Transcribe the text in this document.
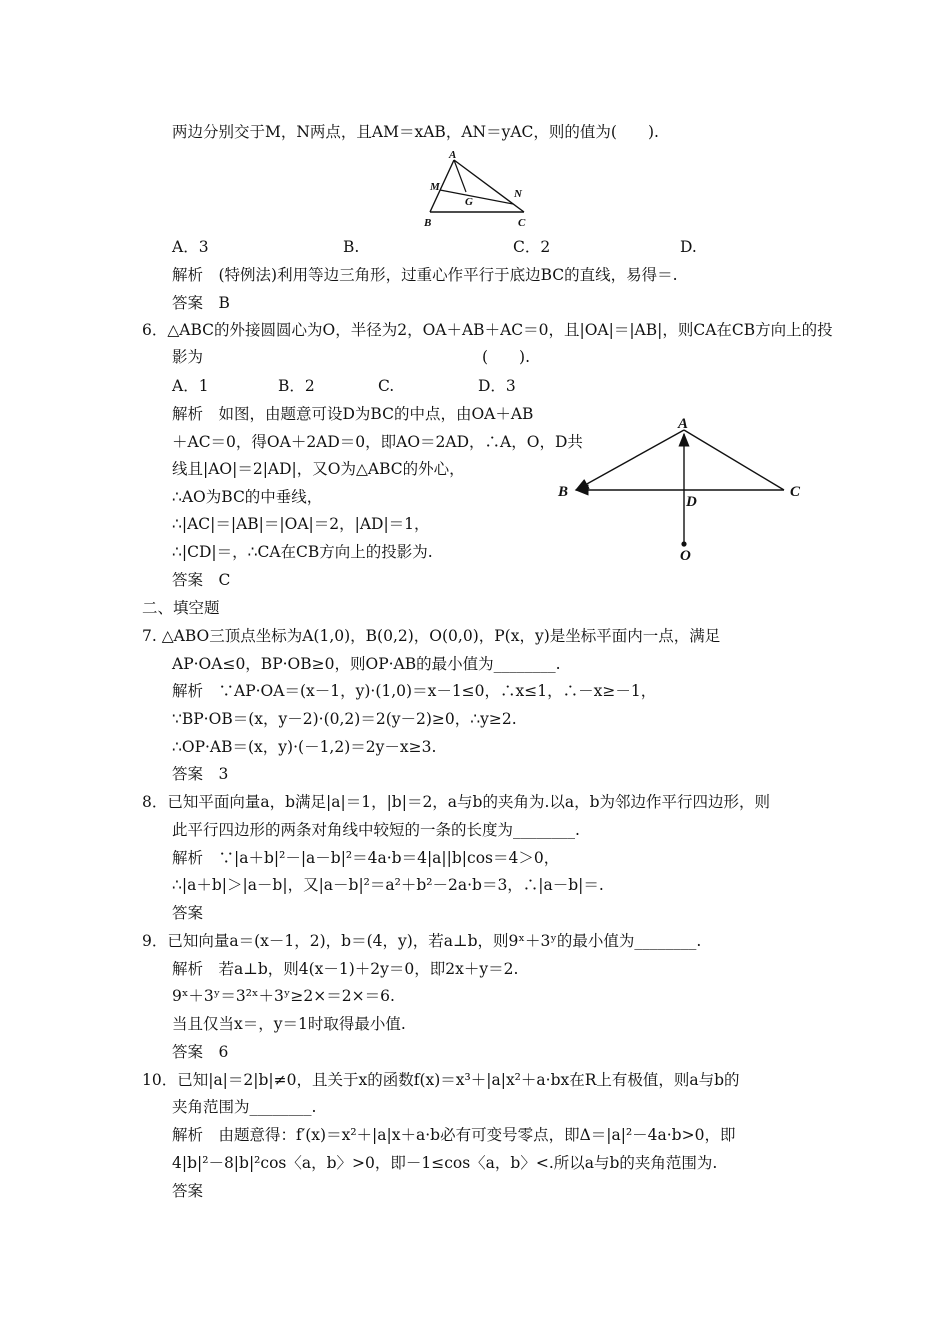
两边分别交于M，N两点，且AM＝xAB，AN＝yAC，则的值为(　　).
A
M
N
G
B	C
A．3	B.	C．2	D.
解析　(特例法)利用等边三角形，过重心作平行于底边BC的直线，易得＝.
答案　B
6．△ABC的外接圆圆心为O，半径为2，OA＋AB＋AC＝0，且|OA|＝|AB|，则CA在CB方向上的投
影为　　　　　　　　　　　　　　　　　　(　　).
A．1	B．2	C.	D．3
解析　如图，由题意可设D为BC的中点，由OA＋AB
＋AC＝0，得OA＋2AD＝0，即AO＝2AD，∴A，O，D共
线且|AO|＝2|AD|，又O为△ABC的外心，
∴AO为BC的中垂线，
∴|AC|＝|AB|＝|OA|＝2，|AD|＝1，
∴|CD|＝，∴CA在CB方向上的投影为.
A
B	C
D
O
答案　C
二、填空题
7. △ABO三顶点坐标为A(1,0)，B(0,2)，O(0,0)，P(x，y)是坐标平面内一点，满足
AP·OA≤0，BP·OB≥0，则OP·AB的最小值为________.
解析　∵AP·OA＝(x－1，y)·(1,0)＝x－1≤0，∴x≤1，∴－x≥－1，
∵BP·OB＝(x，y－2)·(0,2)＝2(y－2)≥0，∴y≥2.
∴OP·AB＝(x，y)·(－1,2)＝2y－x≥3.
答案　3
8．已知平面向量a，b满足|a|＝1，|b|＝2，a与b的夹角为.以a，b为邻边作平行四边形，则
此平行四边形的两条对角线中较短的一条的长度为________.
解析　∵|a＋b|²－|a－b|²＝4a·b＝4|a||b|cos＝4＞0，
∴|a＋b|＞|a－b|，又|a－b|²＝a²＋b²－2a·b＝3，∴|a－b|＝.
答案
9．已知向量a＝(x－1，2)，b＝(4，y)，若a⊥b，则9ˣ＋3ʸ的最小值为________.
解析　若a⊥b，则4(x－1)＋2y＝0，即2x＋y＝2.
9ˣ＋3ʸ＝3²ˣ＋3ʸ≥2×＝2×＝6.
当且仅当x＝，y＝1时取得最小值.
答案　6
10．已知|a|＝2|b|≠0，且关于x的函数f(x)＝x³＋|a|x²＋a·bx在R上有极值，则a与b的
夹角范围为________.
解析　由题意得：f′(x)＝x²＋|a|x＋a·b必有可变号零点，即Δ＝|a|²－4a·b>0，即
4|b|²－8|b|²cos〈a，b〉>0，即－1≤cos〈a，b〉<.所以a与b的夹角范围为.
答案
